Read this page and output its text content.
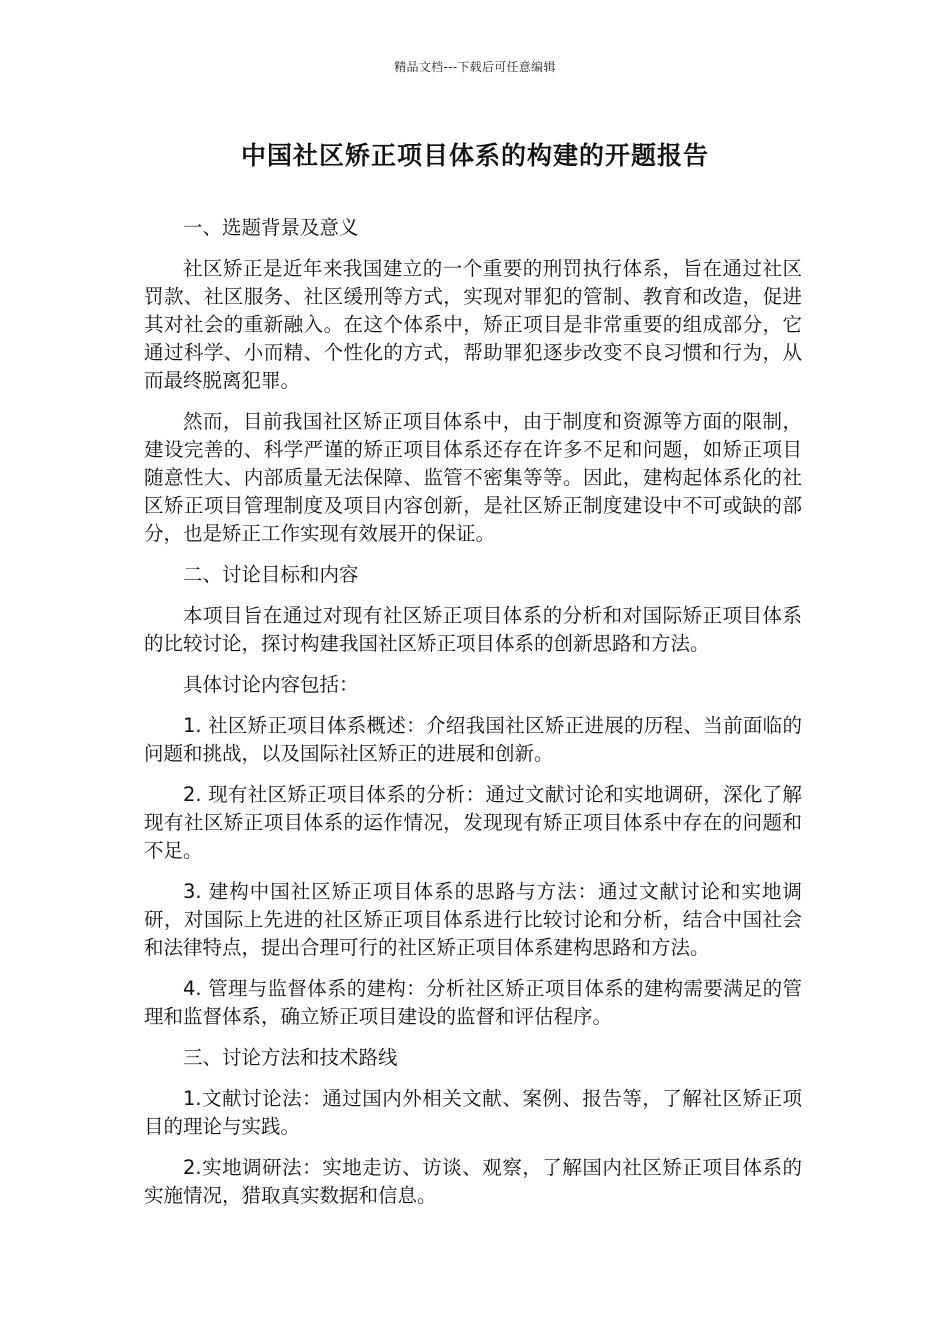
精品文档---下载后可任意编辑
中国社区矫正项目体系的构建的开题报告

一、选题背景及意义

社区矫正是近年来我国建立的一个重要的刑罚执行体系，旨在通过社区罚款、社区服务、社区缓刑等方式，实现对罪犯的管制、教育和改造，促进其对社会的重新融入。在这个体系中，矫正项目是非常重要的组成部分，它通过科学、小而精、个性化的方式，帮助罪犯逐步改变不良习惯和行为，从而最终脱离犯罪。

然而，目前我国社区矫正项目体系中，由于制度和资源等方面的限制，建设完善的、科学严谨的矫正项目体系还存在许多不足和问题，如矫正项目随意性大、内部质量无法保障、监管不密集等等。因此，建构起体系化的社区矫正项目管理制度及项目内容创新，是社区矫正制度建设中不可或缺的部分，也是矫正工作实现有效展开的保证。

二、讨论目标和内容

本项目旨在通过对现有社区矫正项目体系的分析和对国际矫正项目体系的比较讨论，探讨构建我国社区矫正项目体系的创新思路和方法。

具体讨论内容包括：

1. 社区矫正项目体系概述：介绍我国社区矫正进展的历程、当前面临的问题和挑战，以及国际社区矫正的进展和创新。

2. 现有社区矫正项目体系的分析：通过文献讨论和实地调研，深化了解现有社区矫正项目体系的运作情况，发现现有矫正项目体系中存在的问题和不足。

3. 建构中国社区矫正项目体系的思路与方法：通过文献讨论和实地调研，对国际上先进的社区矫正项目体系进行比较讨论和分析，结合中国社会和法律特点，提出合理可行的社区矫正项目体系建构思路和方法。

4. 管理与监督体系的建构：分析社区矫正项目体系的建构需要满足的管理和监督体系，确立矫正项目建设的监督和评估程序。

三、讨论方法和技术路线

1.文献讨论法：通过国内外相关文献、案例、报告等，了解社区矫正项目的理论与实践。

2.实地调研法：实地走访、访谈、观察，了解国内社区矫正项目体系的实施情况，猎取真实数据和信息。
